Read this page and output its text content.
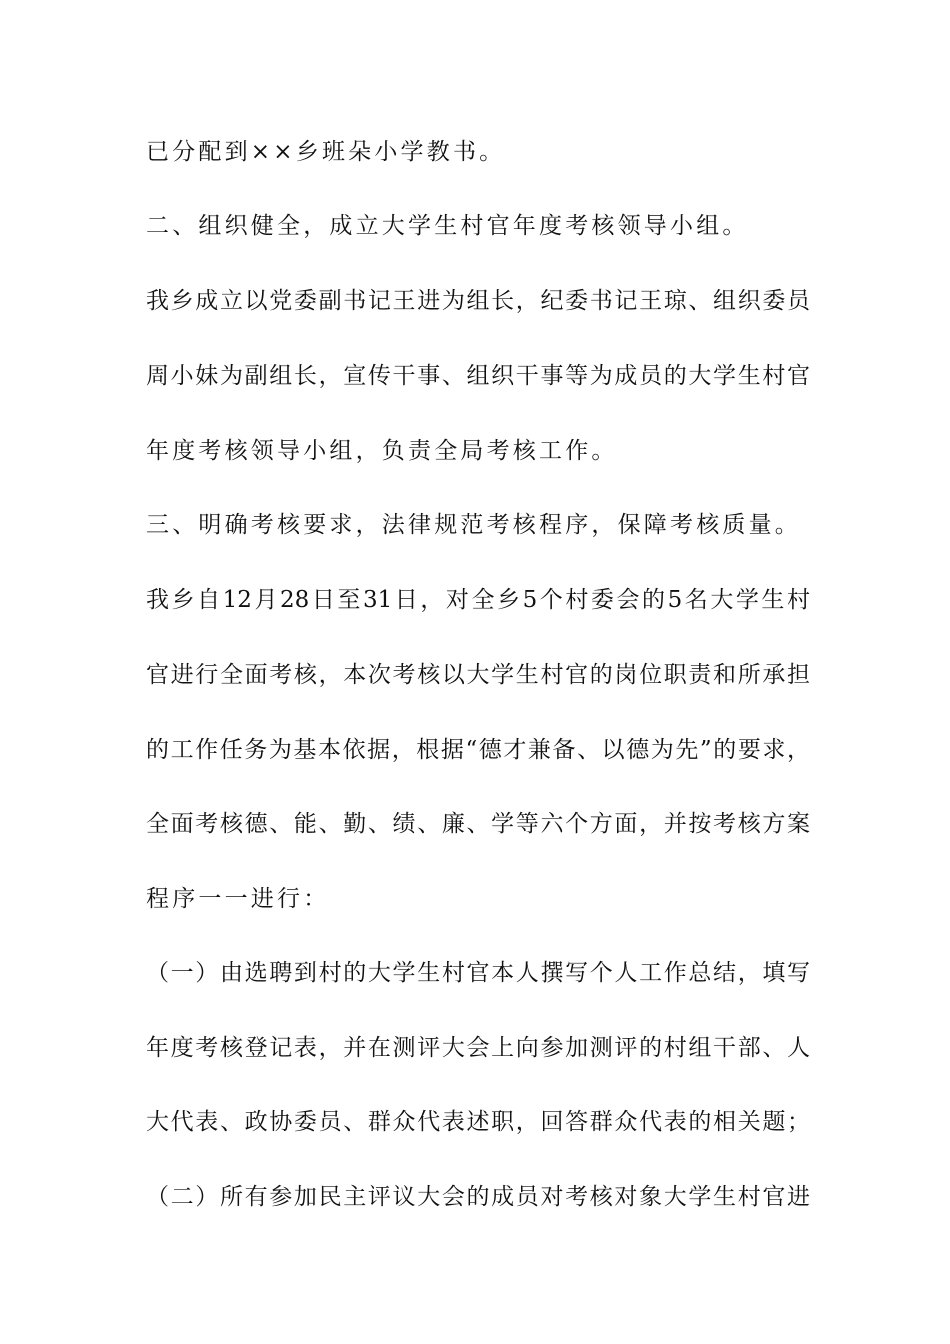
已分配到××乡班朵小学教书。
二、组织健全，成立大学生村官年度考核领导小组。
我乡成立以党委副书记王进为组长，纪委书记王琼、组织委员
周小妹为副组长，宣传干事、组织干事等为成员的大学生村官
年度考核领导小组，负责全局考核工作。
三、明确考核要求，法律规范考核程序，保障考核质量。
我乡自12月28日至31日，对全乡5个村委会的5名大学生村
官进行全面考核，本次考核以大学生村官的岗位职责和所承担
的工作任务为基本依据，根据“德才兼备、以德为先”的要求，
全面考核德、能、勤、绩、廉、学等六个方面，并按考核方案
程序一一进行：
（一）由选聘到村的大学生村官本人撰写个人工作总结，填写
年度考核登记表，并在测评大会上向参加测评的村组干部、人
大代表、政协委员、群众代表述职，回答群众代表的相关题；
（二）所有参加民主评议大会的成员对考核对象大学生村官进
